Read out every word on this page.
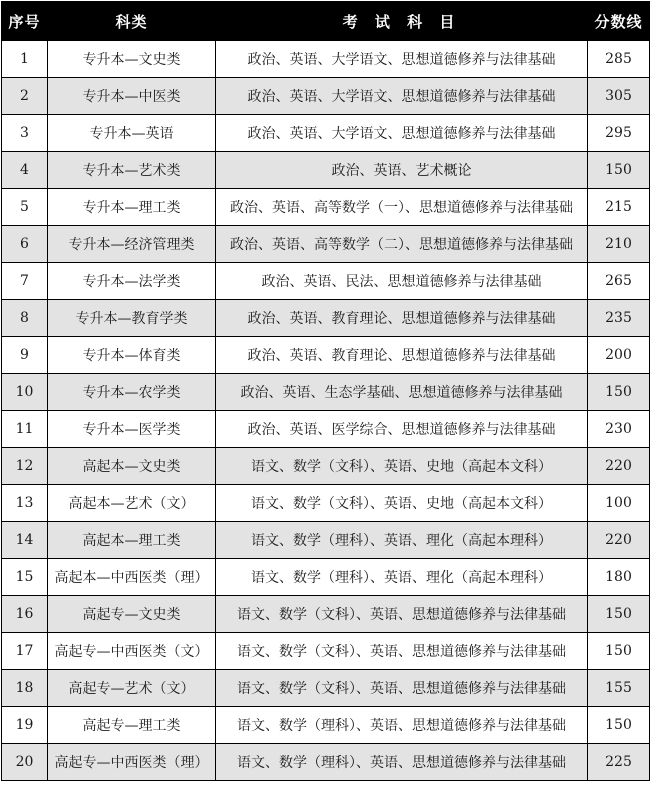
序号	科类	考 试 科 目	分数线
1	专升本—文史类	政治、英语、大学语文、思想道德修养与法律基础	285
2	专升本—中医类	政治、英语、大学语文、思想道德修养与法律基础	305
3	专升本—英语	政治、英语、大学语文、思想道德修养与法律基础	295
4	专升本—艺术类	政治、英语、艺术概论	150
5	专升本—理工类	政治、英语、高等数学（一）、思想道德修养与法律基础	215
6	专升本—经济管理类	政治、英语、高等数学（二）、思想道德修养与法律基础	210
7	专升本—法学类	政治、英语、民法、思想道德修养与法律基础	265
8	专升本—教育学类	政治、英语、教育理论、思想道德修养与法律基础	235
9	专升本—体育类	政治、英语、教育理论、思想道德修养与法律基础	200
10	专升本—农学类	政治、英语、生态学基础、思想道德修养与法律基础	150
11	专升本—医学类	政治、英语、医学综合、思想道德修养与法律基础	230
12	高起本—文史类	语文、数学（文科）、英语、史地（高起本文科）	220
13	高起本—艺术（文）	语文、数学（文科）、英语、史地（高起本文科）	100
14	高起本—理工类	语文、数学（理科）、英语、理化（高起本理科）	220
15	高起本—中西医类（理）	语文、数学（理科）、英语、理化（高起本理科）	180
16	高起专—文史类	语文、数学（文科）、英语、思想道德修养与法律基础	150
17	高起专—中西医类（文）	语文、数学（文科）、英语、思想道德修养与法律基础	150
18	高起专—艺术（文）	语文、数学（文科）、英语、思想道德修养与法律基础	155
19	高起专—理工类	语文、数学（理科）、英语、思想道德修养与法律基础	150
20	高起专—中西医类（理）	语文、数学（理科）、英语、思想道德修养与法律基础	225
